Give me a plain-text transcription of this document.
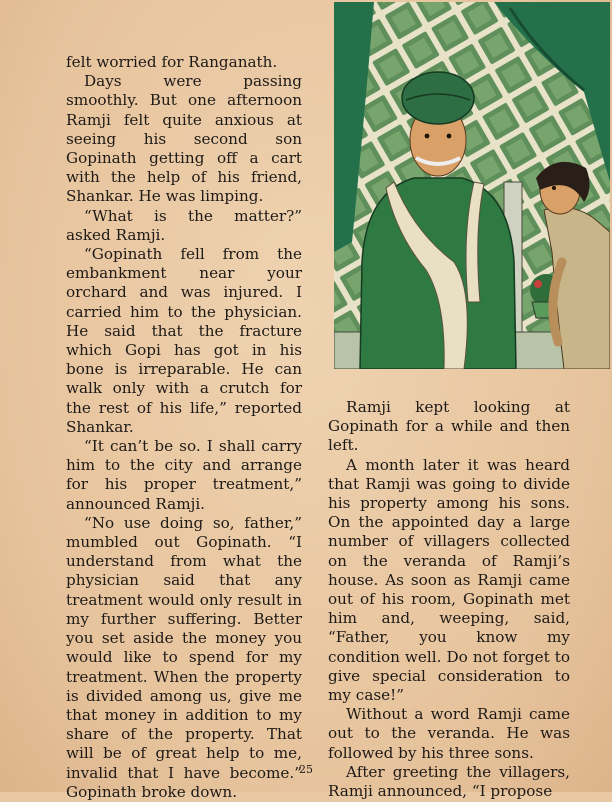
felt worried for Ranganath.

Days were passing smoothly. But one afternoon Ramji felt quite anxious at seeing his second son Gopinath getting off a cart with the help of his friend, Shankar. He was limping.

“What is the matter?” asked Ramji.

“Gopinath fell from the embankment near your orchard and was injured. I carried him to the physician. He said that the fracture which Gopi has got in his bone is irreparable. He can walk only with a crutch for the rest of his life,” reported Shankar.

“It can’t be so. I shall carry him to the city and arrange for his proper treatment,” announced Ramji.

“No use doing so, father,” mumbled out Gopinath. “I understand from what the physician said that any treatment would only result in my further suffering. Better you set aside the money you would like to spend for my treatment. When the property is divided among us, give me that money in addition to my share of the property. That will be of great help to me, invalid that I have become.” Gopinath broke down.

Ramji kept looking at Gopinath for a while and then left.

A month later it was heard that Ramji was going to divide his property among his sons. On the appointed day a large number of villagers collected on the veranda of Ramji’s house. As soon as Ramji came out of his room, Gopinath met him and, weeping, said, “Father, you know my condition well. Do not forget to give special consideration to my case!”

Without a word Ramji came out to the veranda. He was followed by his three sons.

After greeting the villagers, Ramji announced, “I propose

25
